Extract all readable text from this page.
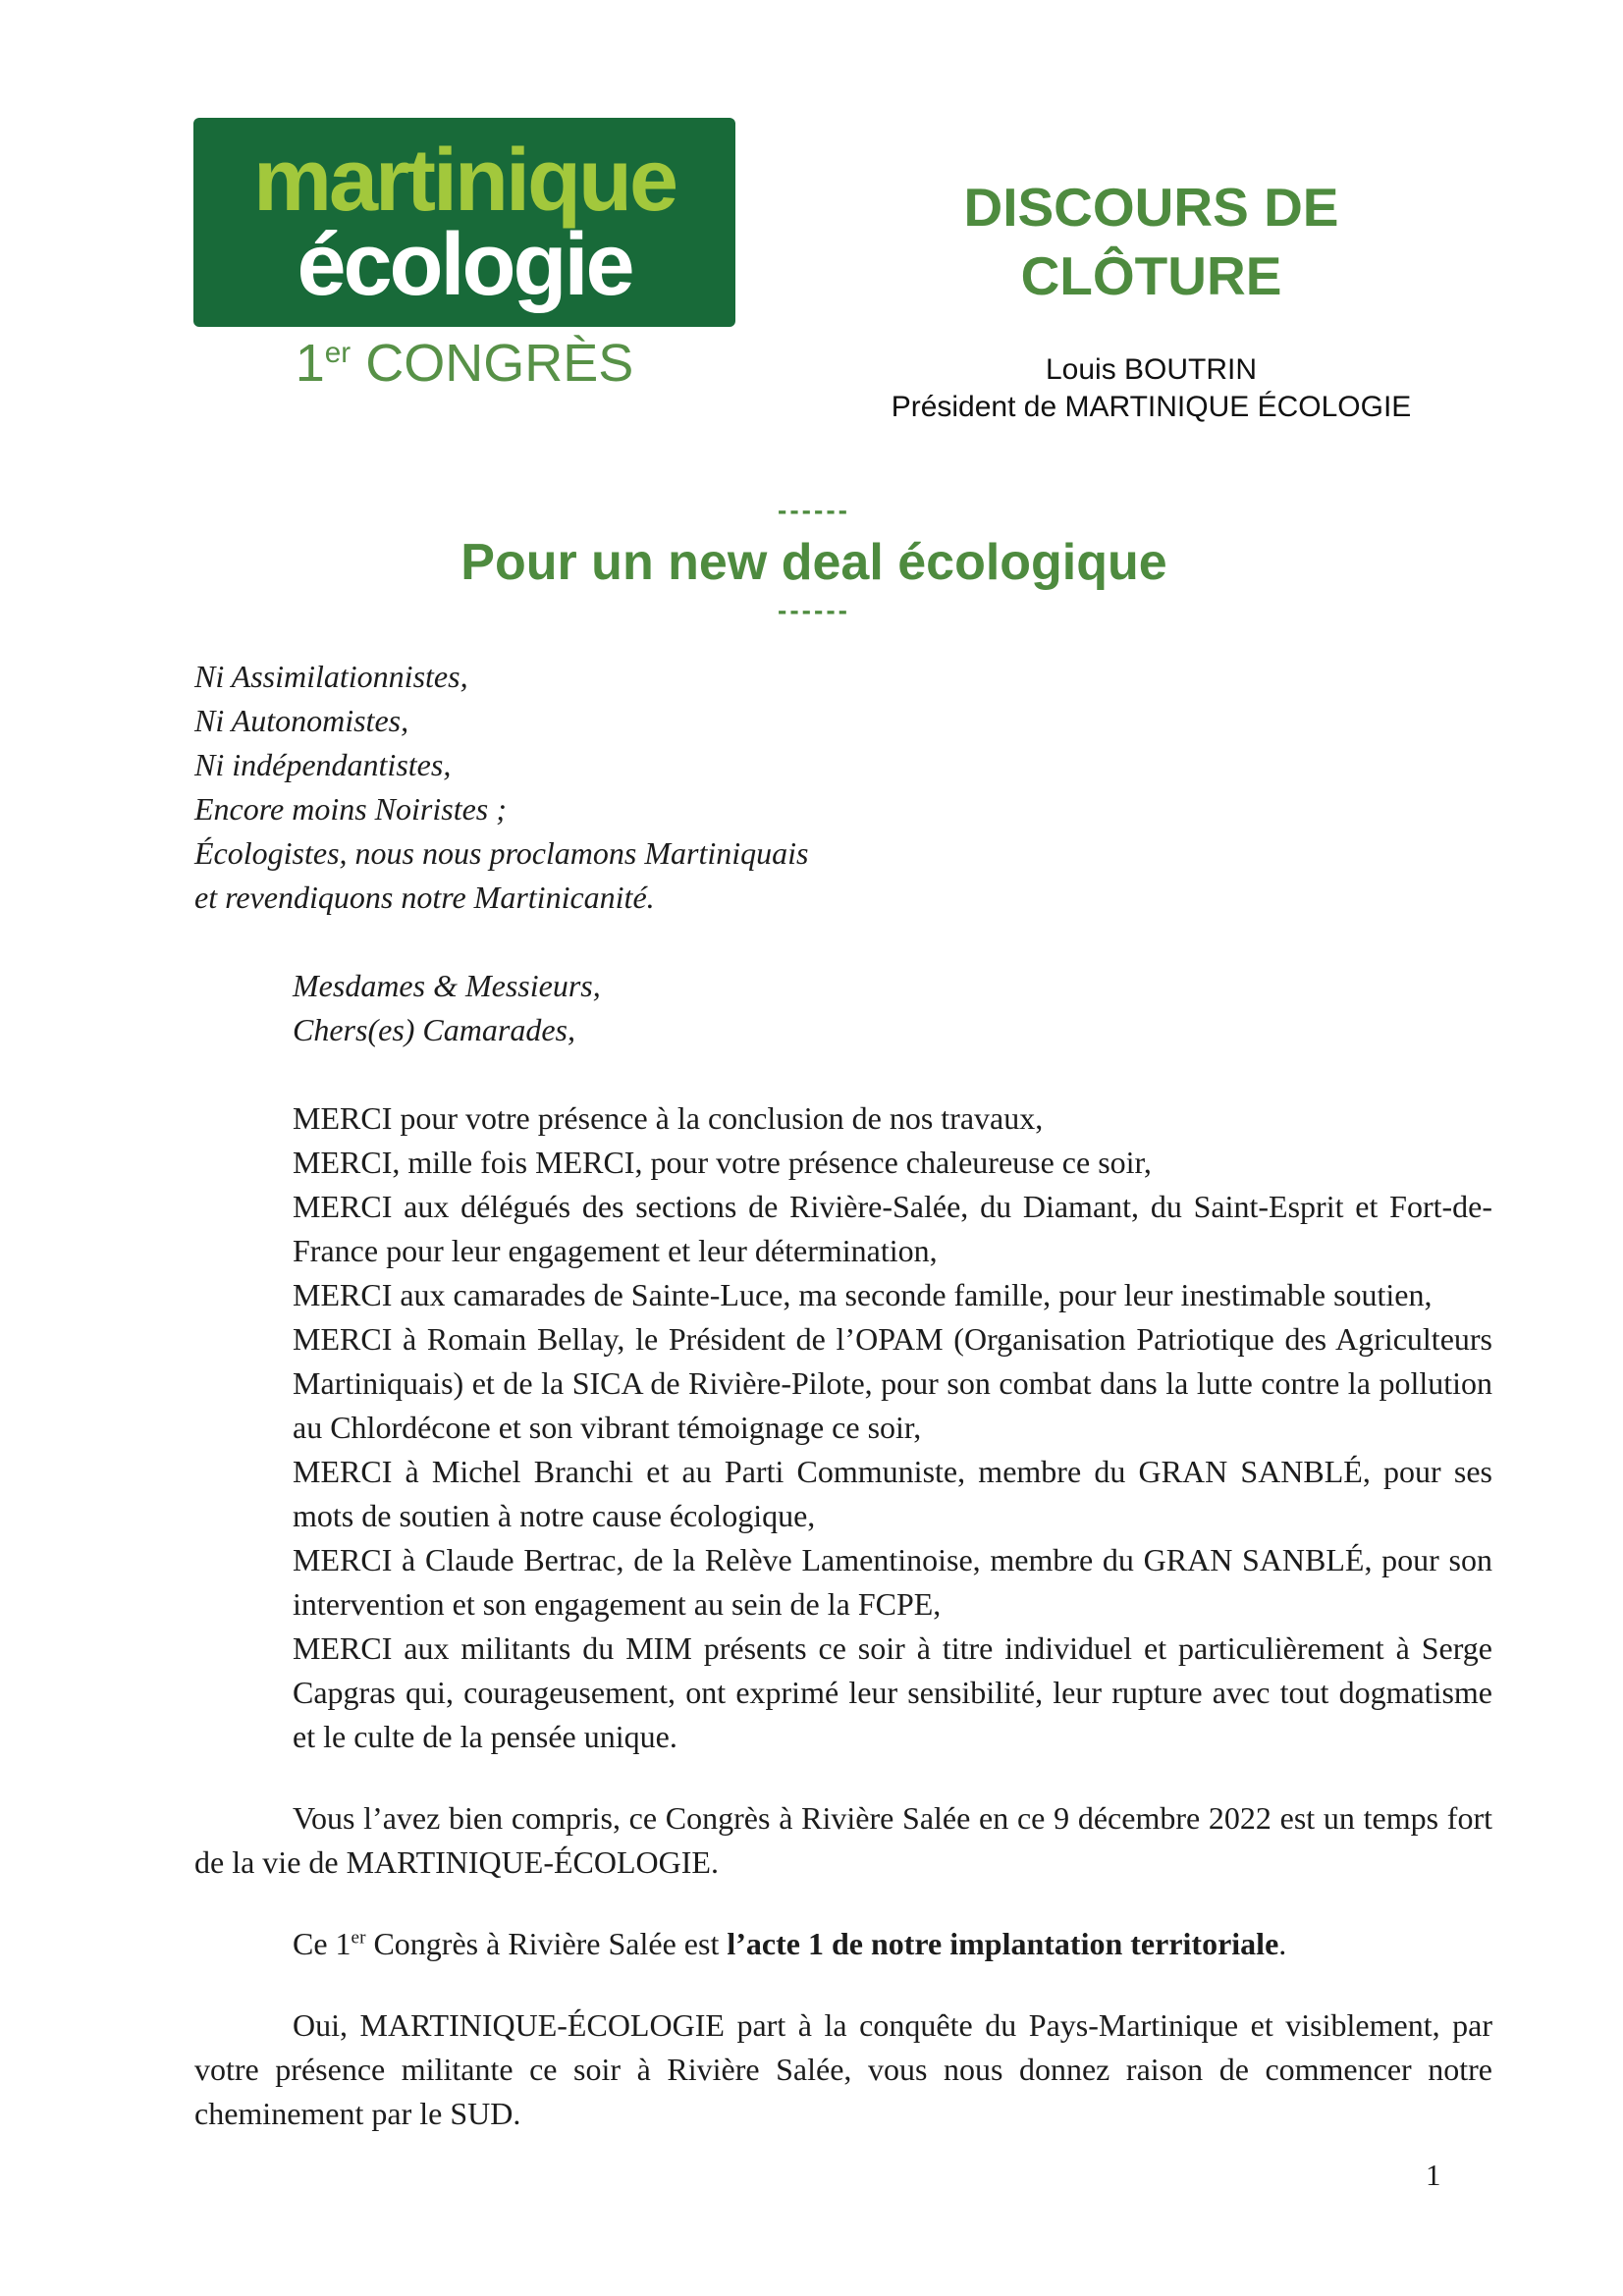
martinique
écologie
1er CONGRÈS
DISCOURS DE
CLÔTURE
Louis BOUTRIN
Président de MARTINIQUE ÉCOLOGIE
------
Pour un new deal écologique
------

Ni Assimilationnistes,

Ni Autonomistes,

Ni indépendantistes,

Encore moins Noiristes ;

Écologistes, nous nous proclamons Martiniquais

et revendiquons notre Martinicanité.

Mesdames & Messieurs,

Chers(es) Camarades,

MERCI pour votre présence à la conclusion de nos travaux,

MERCI, mille fois MERCI, pour votre présence chaleureuse ce soir,

MERCI aux délégués des sections de Rivière-Salée, du Diamant, du Saint-Esprit et Fort-de-France pour leur engagement et leur détermination,

MERCI aux camarades de Sainte-Luce, ma seconde famille, pour leur inestimable soutien,

MERCI à Romain Bellay, le Président de l’OPAM (Organisation Patriotique des Agriculteurs Martiniquais) et de la SICA de Rivière-Pilote, pour son combat dans la lutte contre la pollution au Chlordécone et son vibrant témoignage ce soir,

MERCI à Michel Branchi et au Parti Communiste, membre du GRAN SANBLÉ, pour ses mots de soutien à notre cause écologique,

MERCI à Claude Bertrac, de la Relève Lamentinoise, membre du GRAN SANBLÉ, pour son intervention et son engagement au sein de la FCPE,

MERCI aux militants du MIM présents ce soir à titre individuel et particulièrement à Serge Capgras qui, courageusement, ont exprimé leur sensibilité, leur rupture avec tout dogmatisme et le culte de la pensée unique.

Vous l’avez bien compris, ce Congrès à Rivière Salée en ce 9 décembre 2022 est un temps fort de la vie de MARTINIQUE-ÉCOLOGIE.

Ce 1er Congrès à Rivière Salée est l’acte 1 de notre implantation territoriale.

Oui, MARTINIQUE-ÉCOLOGIE part à la conquête du Pays-Martinique et visiblement, par votre présence militante ce soir à Rivière Salée, vous nous donnez raison de commencer notre cheminement par le SUD.

1
